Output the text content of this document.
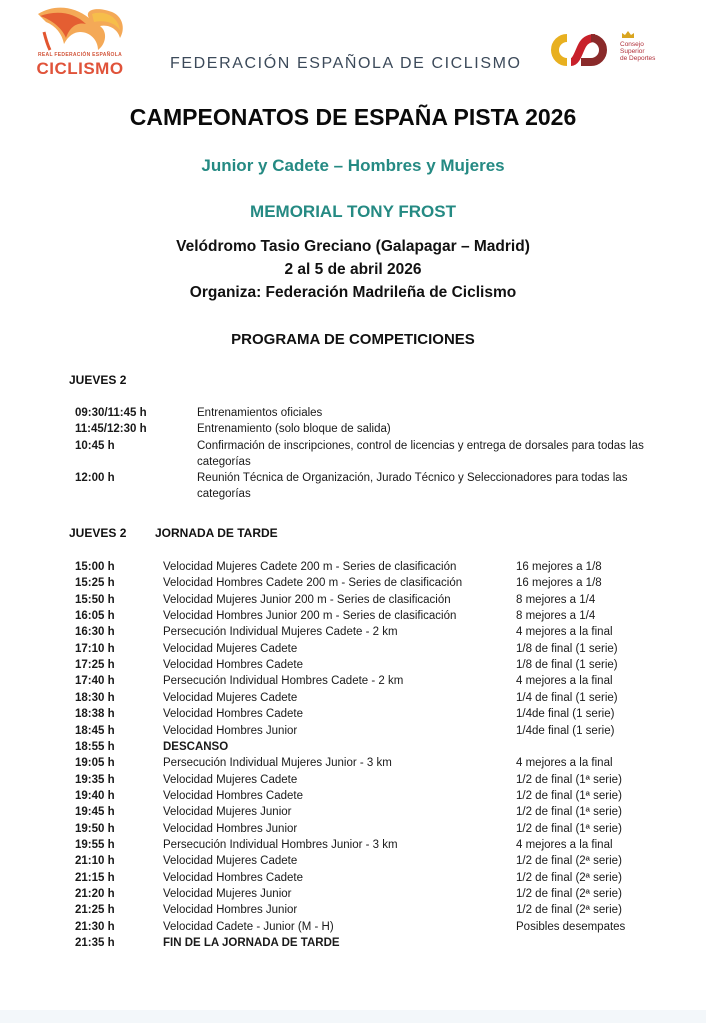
REAL FEDERACIÓN ESPAÑOLA
CICLISMO	FEDERACIÓN ESPAÑOLA DE CICLISMO
Consejo
Superior
de Deportes
CAMPEONATOS DE ESPAÑA PISTA 2026
Junior y Cadete – Hombres y Mujeres
MEMORIAL TONY FROST
Velódromo Tasio Greciano (Galapagar – Madrid)
2 al 5 de abril 2026
Organiza: Federación Madrileña de Ciclismo
PROGRAMA DE COMPETICIONES
JUEVES 2
09:30/11:45 h	Entrenamientos oficiales
11:45/12:30 h	Entrenamiento (solo bloque de salida)
10:45 h	Confirmación de inscripciones, control de licencias y entrega de dorsales para todas las categorías
12:00 h	Reunión Técnica de Organización, Jurado Técnico y Seleccionadores para todas las categorías
JUEVES 2 JORNADA DE TARDE
15:00 h	Velocidad Mujeres Cadete 200 m - Series de clasificación	16 mejores a 1/8
15:25 h	Velocidad Hombres Cadete 200 m - Series de clasificación	16 mejores a 1/8
15:50 h	Velocidad Mujeres Junior 200 m - Series de clasificación	8 mejores a 1/4
16:05 h	Velocidad Hombres Junior 200 m - Series de clasificación	8 mejores a 1/4
16:30 h	Persecución Individual Mujeres Cadete - 2 km	4 mejores a la final
17:10 h	Velocidad Mujeres Cadete	1/8 de final (1 serie)
17:25 h	Velocidad Hombres Cadete	1/8 de final (1 serie)
17:40 h	Persecución Individual Hombres Cadete - 2 km	4 mejores a la final
18:30 h	Velocidad Mujeres Cadete	1/4 de final (1 serie)
18:38 h	Velocidad Hombres Cadete	1/4de final (1 serie)
18:45 h	Velocidad Hombres Junior	1/4de final (1 serie)
18:55 h	DESCANSO
19:05 h	Persecución Individual Mujeres Junior - 3 km	4 mejores a la final
19:35 h	Velocidad Mujeres Cadete	1/2 de final (1ª serie)
19:40 h	Velocidad Hombres Cadete	1/2 de final (1ª serie)
19:45 h	Velocidad Mujeres Junior	1/2 de final (1ª serie)
19:50 h	Velocidad Hombres Junior	1/2 de final (1ª serie)
19:55 h	Persecución Individual Hombres Junior - 3 km	4 mejores a la final
21:10 h	Velocidad Mujeres Cadete	1/2 de final (2ª serie)
21:15 h	Velocidad Hombres Cadete	1/2 de final (2ª serie)
21:20 h	Velocidad Mujeres Junior	1/2 de final (2ª serie)
21:25 h	Velocidad Hombres Junior	1/2 de final (2ª serie)
21:30 h	Velocidad Cadete - Junior (M - H)	Posibles desempates
21:35 h	FIN DE LA JORNADA DE TARDE
